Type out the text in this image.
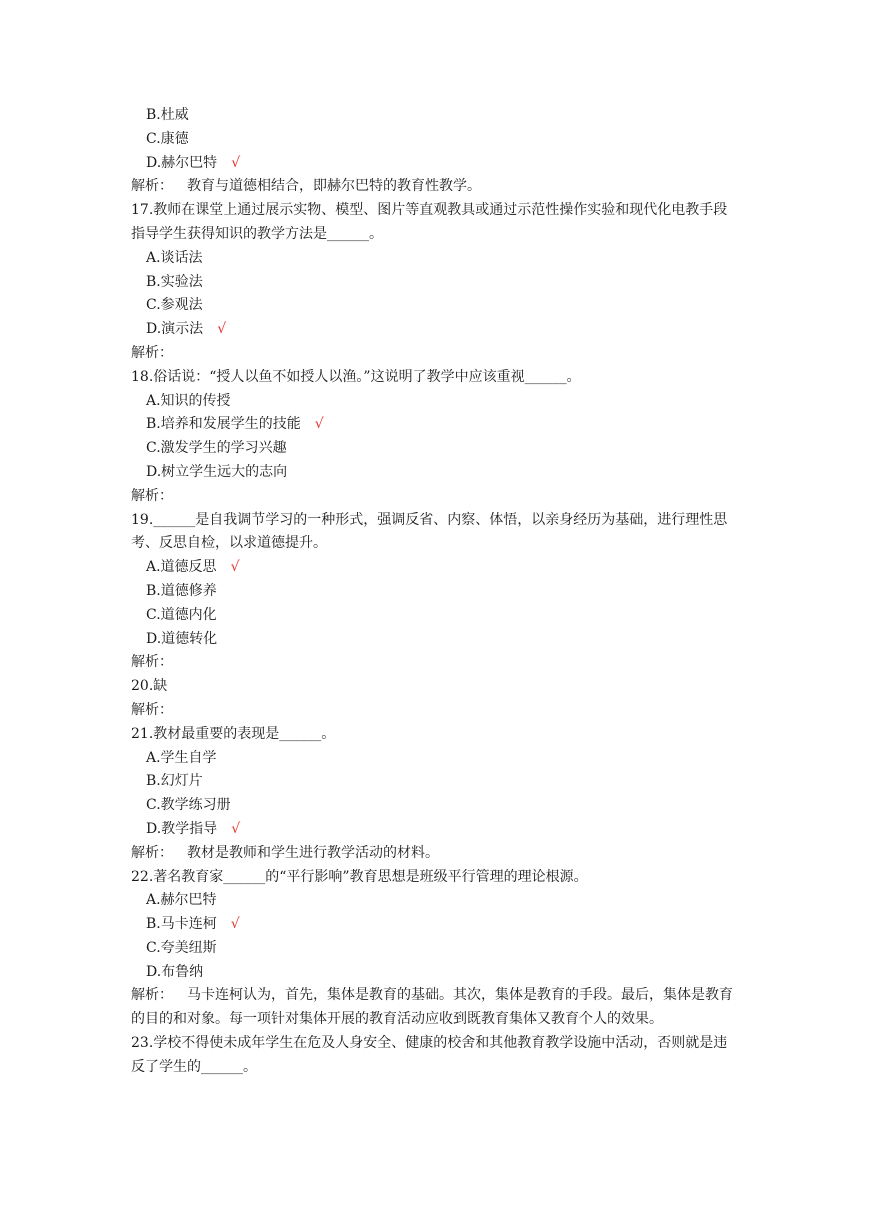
B.杜威
C.康德
D.赫尔巴特 √
解析： 教育与道德相结合，即赫尔巴特的教育性教学。
17.教师在课堂上通过展示实物、模型、图片等直观教具或通过示范性操作实验和现代化电教手段指导学生获得知识的教学方法是______。
A.谈话法
B.实验法
C.参观法
D.演示法 √
解析：
18.俗话说：“授人以鱼不如授人以渔。”这说明了教学中应该重视______。
A.知识的传授
B.培养和发展学生的技能 √
C.激发学生的学习兴趣
D.树立学生远大的志向
解析：
19.______是自我调节学习的一种形式，强调反省、内察、体悟，以亲身经历为基础，进行理性思考、反思自检，以求道德提升。
A.道德反思 √
B.道德修养
C.道德内化
D.道德转化
解析：
20.缺
解析：
21.教材最重要的表现是______。
A.学生自学
B.幻灯片
C.教学练习册
D.教学指导 √
解析： 教材是教师和学生进行教学活动的材料。
22.著名教育家______的“平行影响”教育思想是班级平行管理的理论根源。
A.赫尔巴特
B.马卡连柯 √
C.夸美纽斯
D.布鲁纳
解析： 马卡连柯认为，首先，集体是教育的基础。其次，集体是教育的手段。最后，集体是教育的目的和对象。每一项针对集体开展的教育活动应收到既教育集体又教育个人的效果。
23.学校不得使未成年学生在危及人身安全、健康的校舍和其他教育教学设施中活动，否则就是违反了学生的______。
